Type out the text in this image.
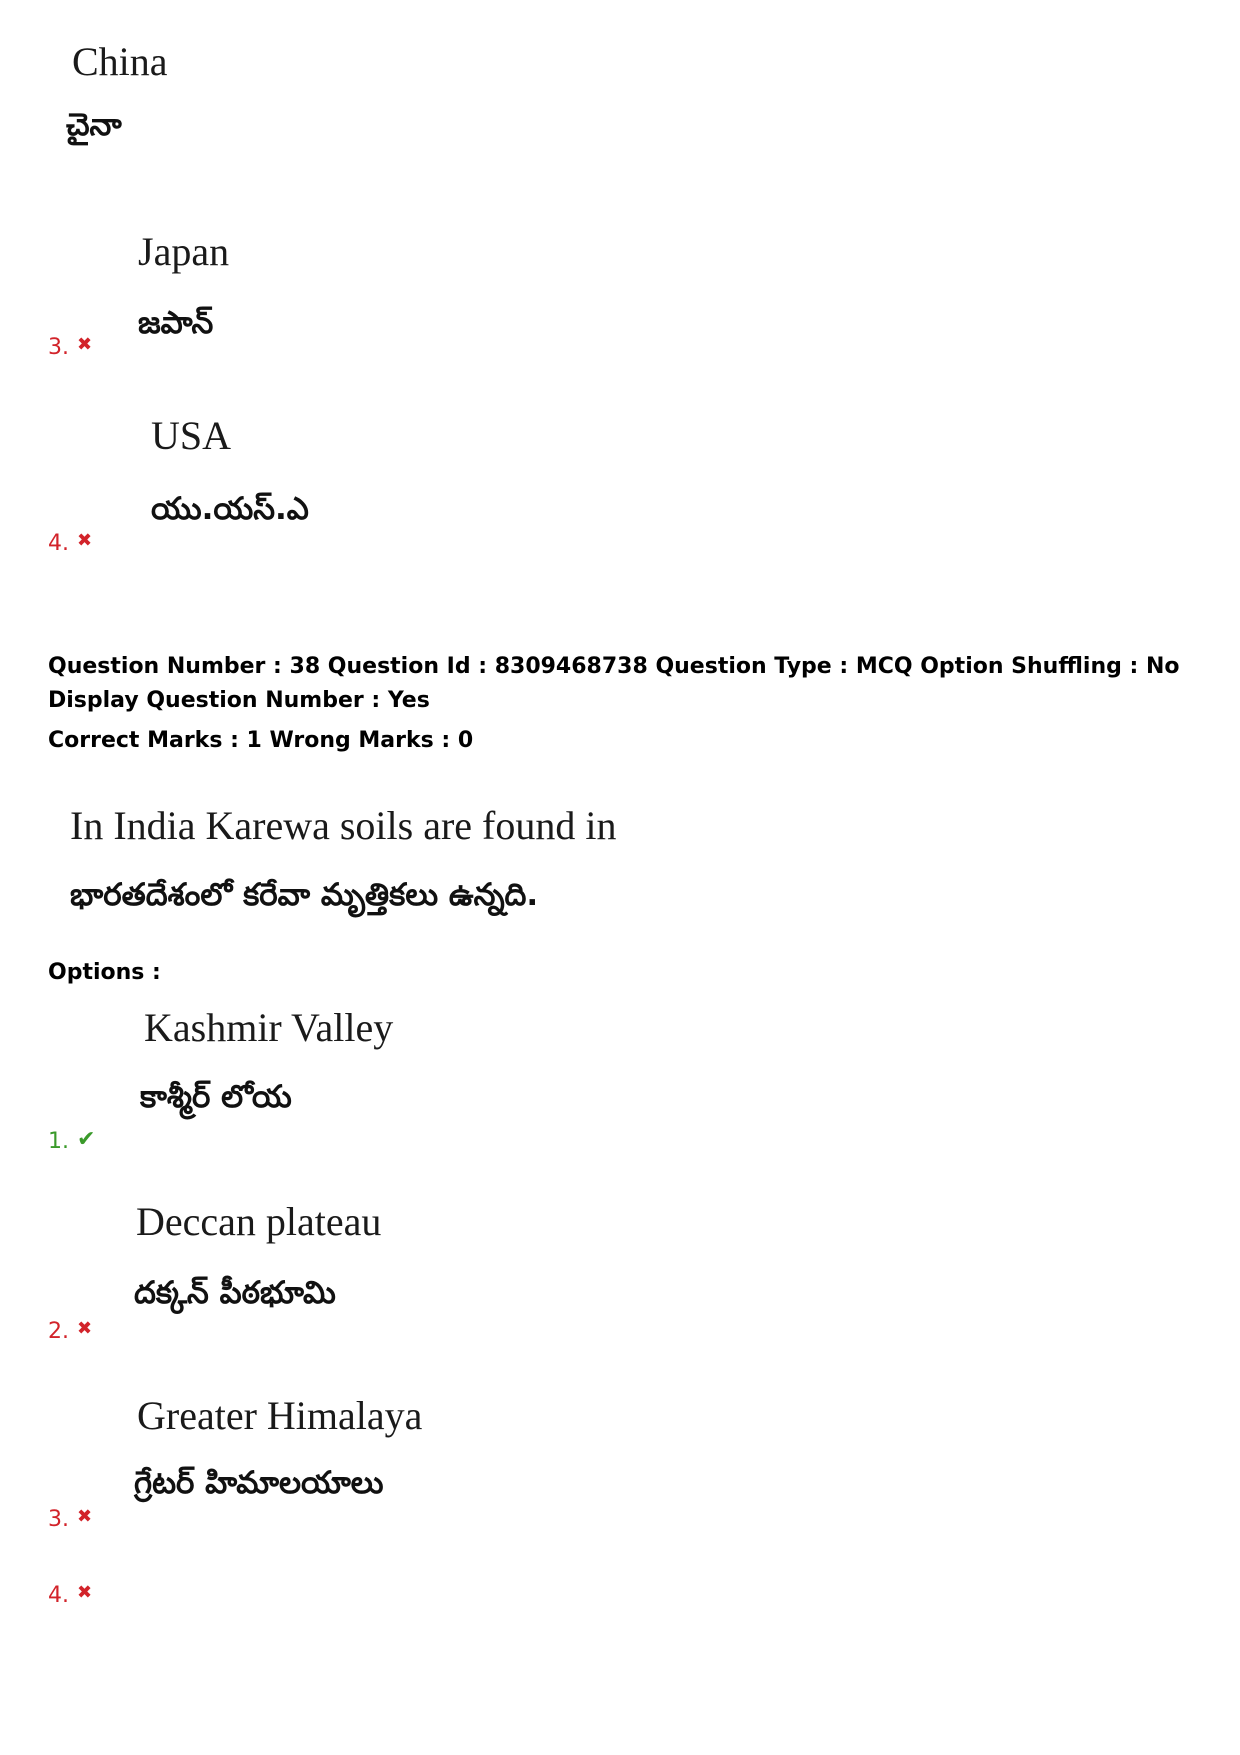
China
చైనా
Japan
జపాన్
3. ✖
USA
యు.యస్.ఎ
4. ✖
Question Number : 38 Question Id : 8309468738 Question Type : MCQ Option Shuffling : No
Display Question Number : Yes
Correct Marks : 1 Wrong Marks : 0
In India Karewa soils are found in
భారతదేశంలో కరేవా మృత్తికలు ఉన్నది.
Options :
Kashmir Valley
కాశ్మీర్ లోయ
1. ✔
Deccan plateau
దక్కన్ పీఠభూమి
2. ✖
Greater Himalaya
గ్రేటర్ హిమాలయాలు
3. ✖
4. ✖
